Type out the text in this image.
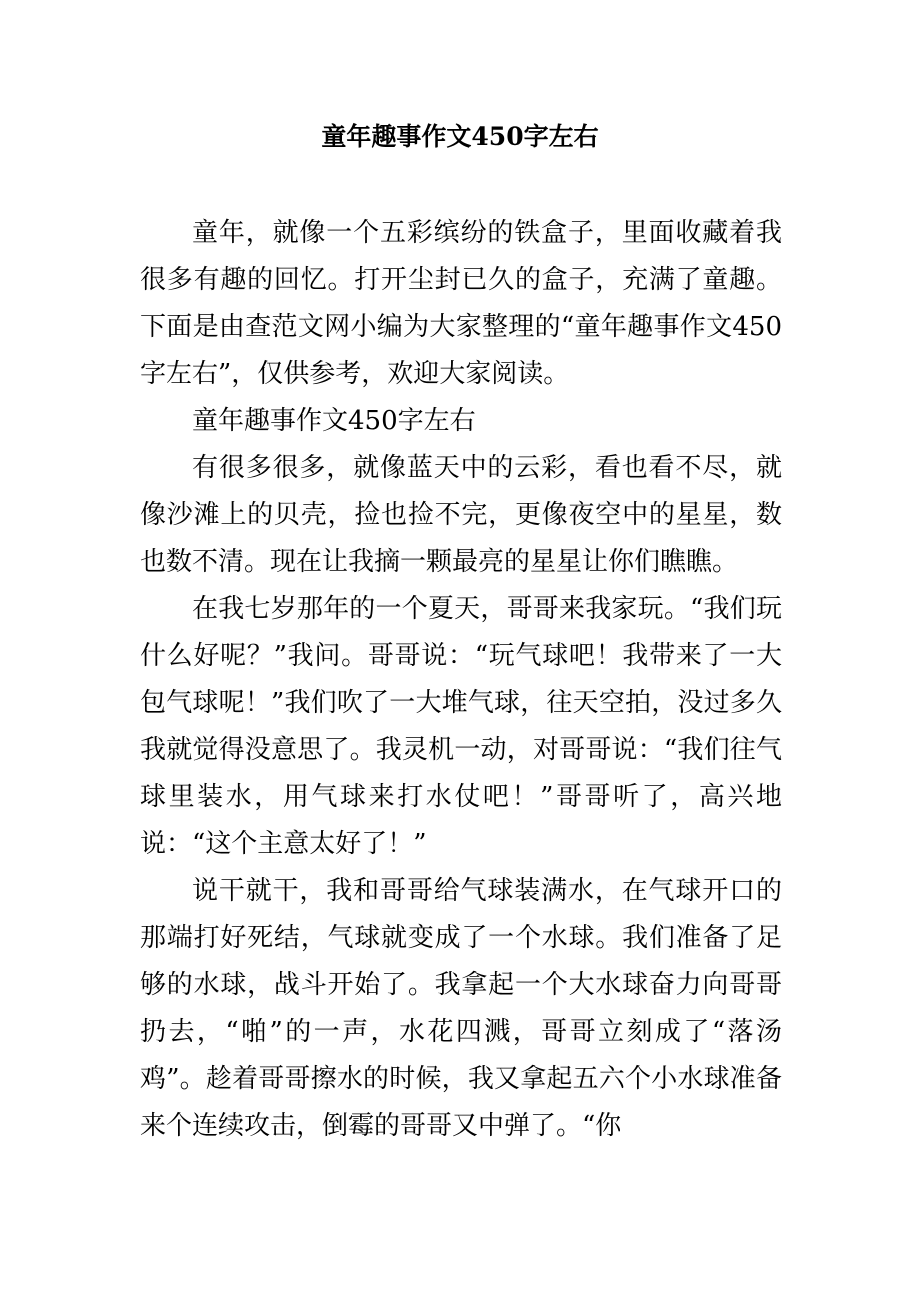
童年趣事作文450字左右

童年，就像一个五彩缤纷的铁盒子，里面收藏着我很多有趣的回忆。打开尘封已久的盒子，充满了童趣。下面是由查范文网小编为大家整理的“童年趣事作文450字左右”，仅供参考，欢迎大家阅读。

童年趣事作文450字左右

有很多很多，就像蓝天中的云彩，看也看不尽，就像沙滩上的贝壳，捡也捡不完，更像夜空中的星星，数也数不清。现在让我摘一颗最亮的星星让你们瞧瞧。

在我七岁那年的一个夏天，哥哥来我家玩。“我们玩什么好呢？”我问。哥哥说：“玩气球吧！我带来了一大包气球呢！”我们吹了一大堆气球，往天空拍，没过多久我就觉得没意思了。我灵机一动，对哥哥说：“我们往气球里装水，用气球来打水仗吧！”哥哥听了，高兴地说：“这个主意太好了！”

说干就干，我和哥哥给气球装满水，在气球开口的那端打好死结，气球就变成了一个水球。我们准备了足够的水球，战斗开始了。我拿起一个大水球奋力向哥哥扔去，“啪”的一声，水花四溅，哥哥立刻成了“落汤鸡”。趁着哥哥擦水的时候，我又拿起五六个小水球准备来个连续攻击，倒霉的哥哥又中弹了。“你
